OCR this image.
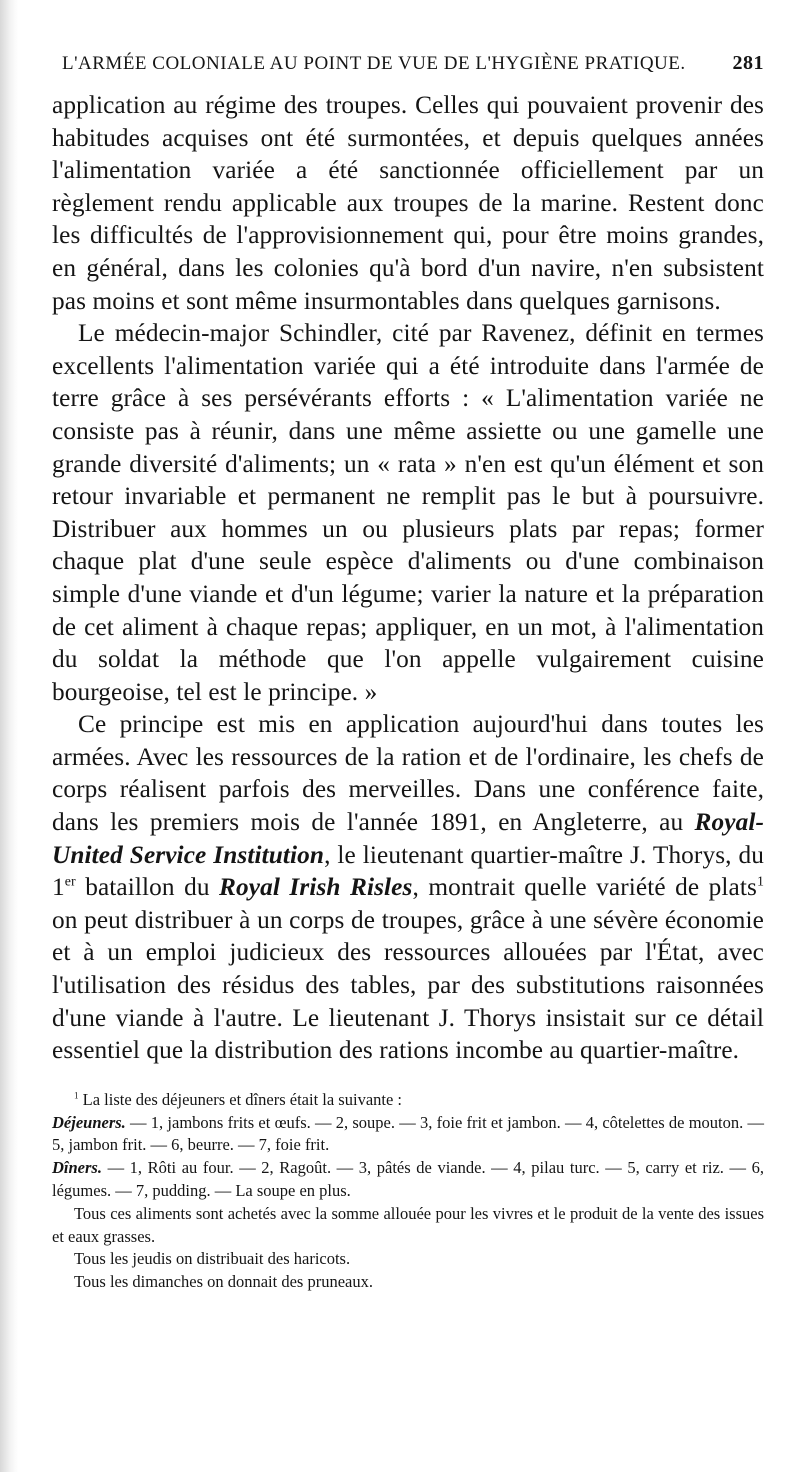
L'ARMÉE COLONIALE AU POINT DE VUE DE L'HYGIÈNE PRATIQUE. 281

application au régime des troupes. Celles qui pouvaient provenir des habitudes acquises ont été surmontées, et depuis quelques années l'alimentation variée a été sanctionnée officiellement par un règlement rendu applicable aux troupes de la marine. Restent donc les difficultés de l'approvisionnement qui, pour être moins grandes, en général, dans les colonies qu'à bord d'un navire, n'en subsistent pas moins et sont même insurmontables dans quelques garnisons.

Le médecin-major Schindler, cité par Ravenez, définit en termes excellents l'alimentation variée qui a été introduite dans l'armée de terre grâce à ses persévérants efforts : « L'alimentation variée ne consiste pas à réunir, dans une même assiette ou une gamelle une grande diversité d'aliments; un « rata » n'en est qu'un élément et son retour invariable et permanent ne remplit pas le but à poursuivre. Distribuer aux hommes un ou plusieurs plats par repas; former chaque plat d'une seule espèce d'aliments ou d'une combinaison simple d'une viande et d'un légume; varier la nature et la préparation de cet aliment à chaque repas; appliquer, en un mot, à l'alimentation du soldat la méthode que l'on appelle vulgairement cuisine bourgeoise, tel est le principe. »

Ce principe est mis en application aujourd'hui dans toutes les armées. Avec les ressources de la ration et de l'ordinaire, les chefs de corps réalisent parfois des merveilles. Dans une conférence faite, dans les premiers mois de l'année 1891, en Angleterre, au Royal-United Service Institution, le lieutenant quartier-maître J. Thorys, du 1er bataillon du Royal Irish Risles, montrait quelle variété de plats$^1$ on peut distribuer à un corps de troupes, grâce à une sévère économie et à un emploi judicieux des ressources allouées par l'État, avec l'utilisation des résidus des tables, par des substitutions raisonnées d'une viande à l'autre. Le lieutenant J. Thorys insistait sur ce détail essentiel que la distribution des rations incombe au quartier-maître.

$^1$ La liste des déjeuners et dîners était la suivante :

Déjeuners. — 1, jambons frits et œufs. — 2, soupe. — 3, foie frit et jambon. — 4, côtelettes de mouton. — 5, jambon frit. — 6, beurre. — 7, foie frit.

Dîners. — 1, Rôti au four. — 2, Ragoût. — 3, pâtés de viande. — 4, pilau turc. — 5, carry et riz. — 6, légumes. — 7, pudding. — La soupe en plus.

Tous ces aliments sont achetés avec la somme allouée pour les vivres et le produit de la vente des issues et eaux grasses.

Tous les jeudis on distribuait des haricots.

Tous les dimanches on donnait des pruneaux.
